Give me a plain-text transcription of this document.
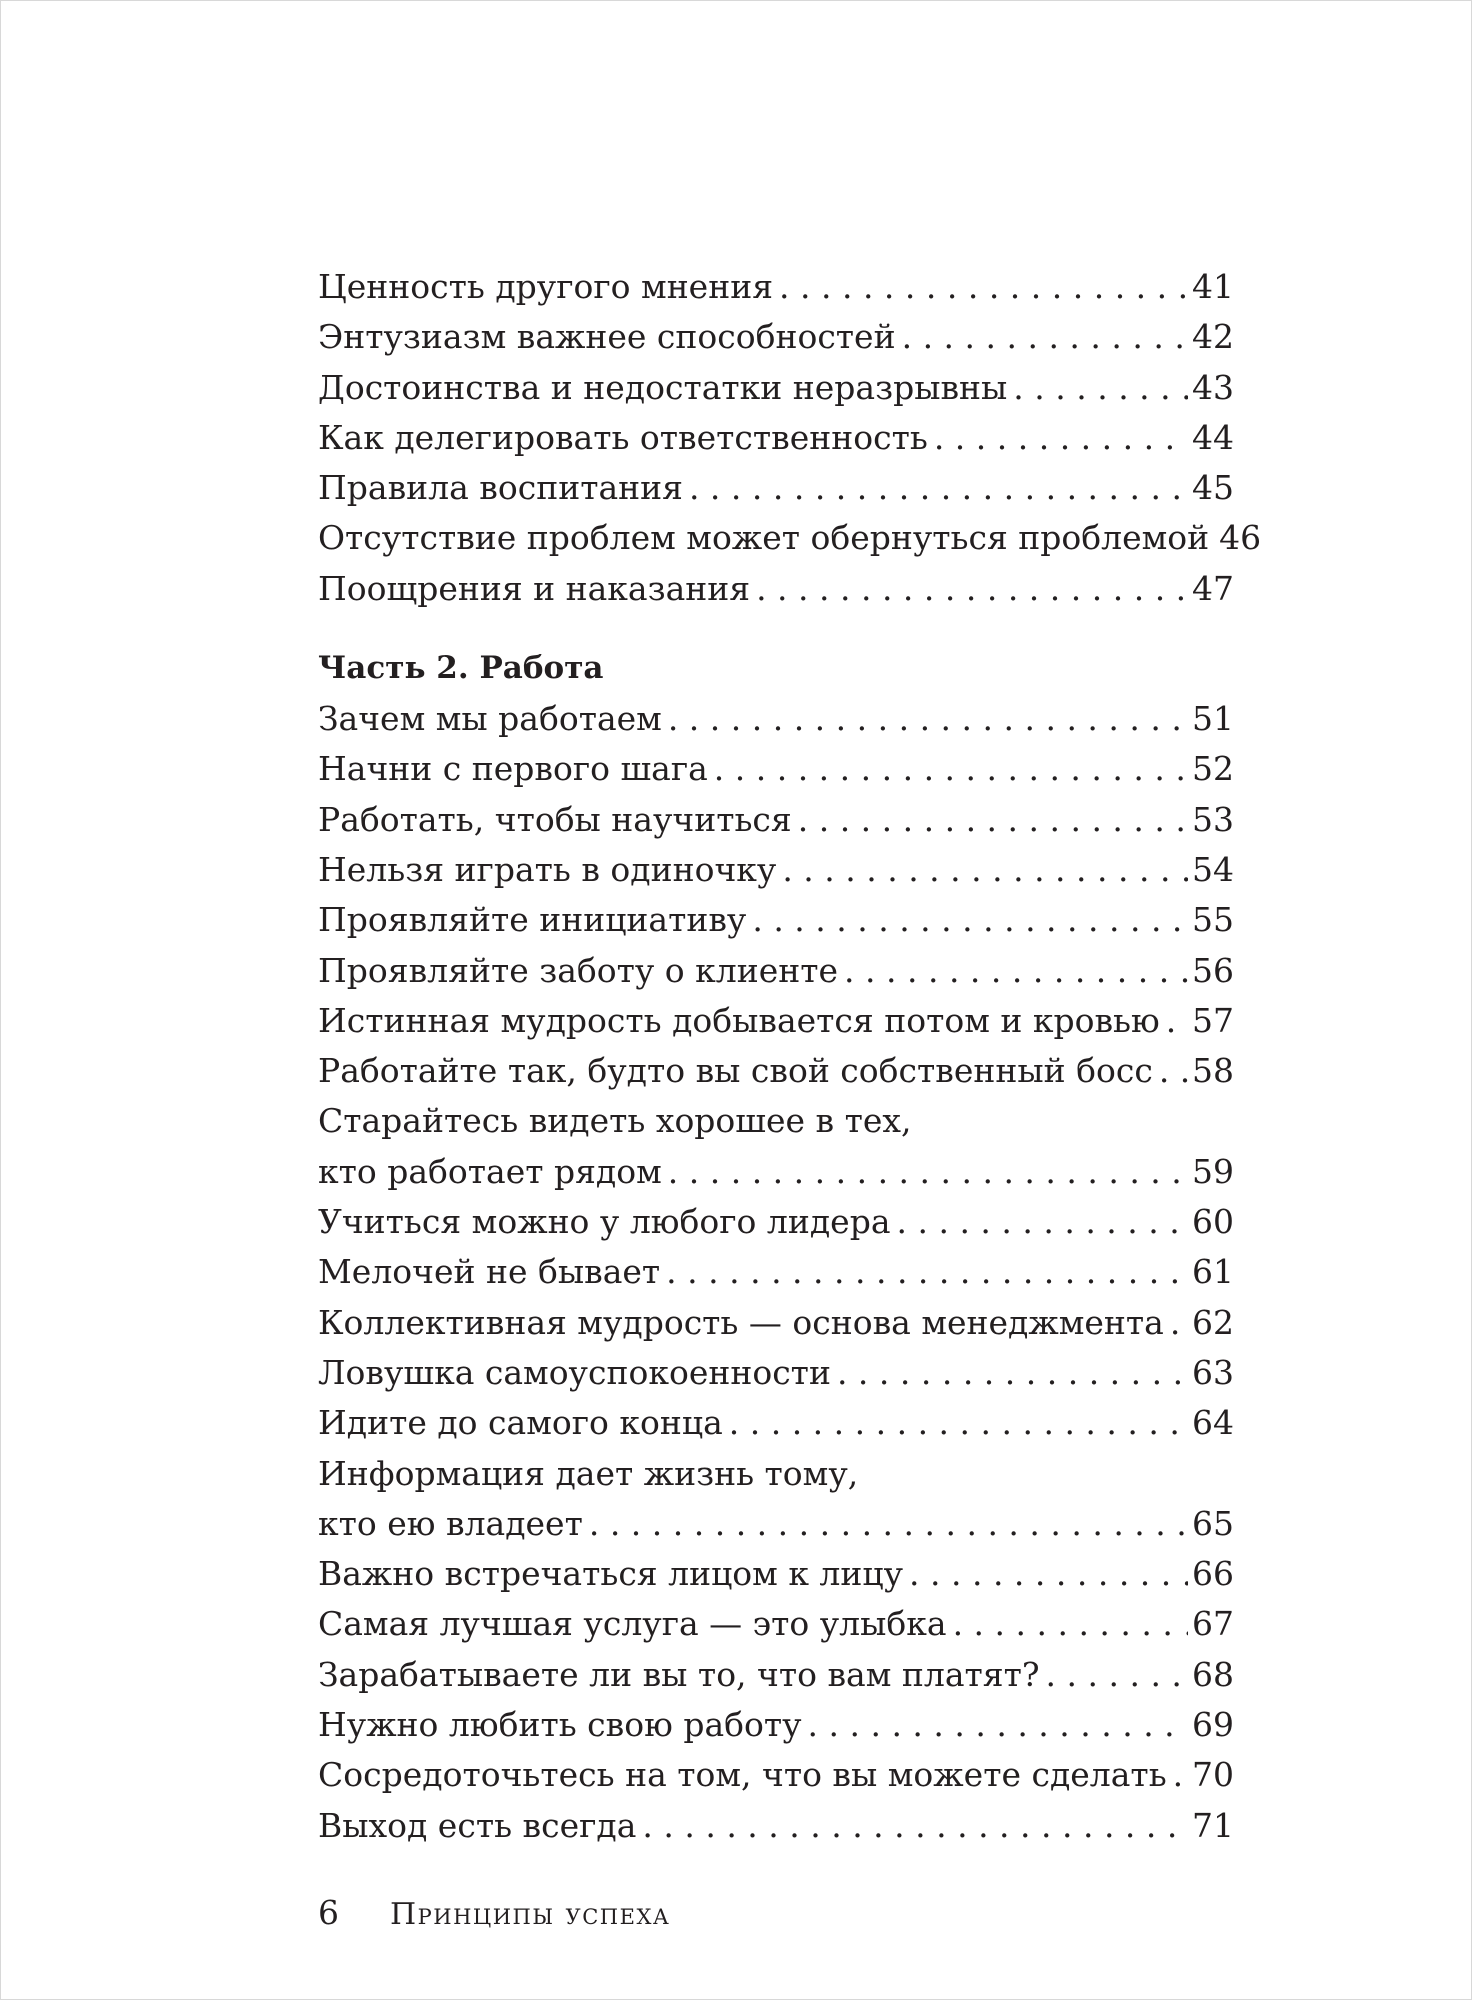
Ценность другого мнения . . .	41
Энтузиазм важнее способностей . . .	42
Достоинства и недостатки неразрывны . . .	43
Как делегировать ответственность . . .	44
Правила воспитания . . .	45
Отсутствие проблем может обернуться проблемой 46
Поощрения и наказания . . .	47
Часть 2. Работа
Зачем мы работаем . . .	51
Начни с первого шага . . .	52
Работать, чтобы научиться . . .	53
Нельзя играть в одиночку . . .	54
Проявляйте инициативу . . .	55
Проявляйте заботу о клиенте . . .	56
Истинная мудрость добывается потом и кровью . . . 57
Работайте так, будто вы свой собственный босс . . . 58
Старайтесь видеть хорошее в тех,
кто работает рядом . . .	59
Учиться можно у любого лидера . . .	60
Мелочей не бывает . . .	61
Коллективная мудрость — основа менеджмента . . . 62
Ловушка самоуспокоенности . . .	63
Идите до самого конца . . .	64
Информация дает жизнь тому,
кто ею владеет . . .	65
Важно встречаться лицом к лицу . . .	66
Самая лучшая услуга — это улыбка . . .	67
Зарабатываете ли вы то, что вам платят? . . .	68
Нужно любить свою работу . . .	69
Сосредоточьтесь на том, что вы можете сделать . . . 70
Выход есть всегда . . .	71
6 Принципы успеха
